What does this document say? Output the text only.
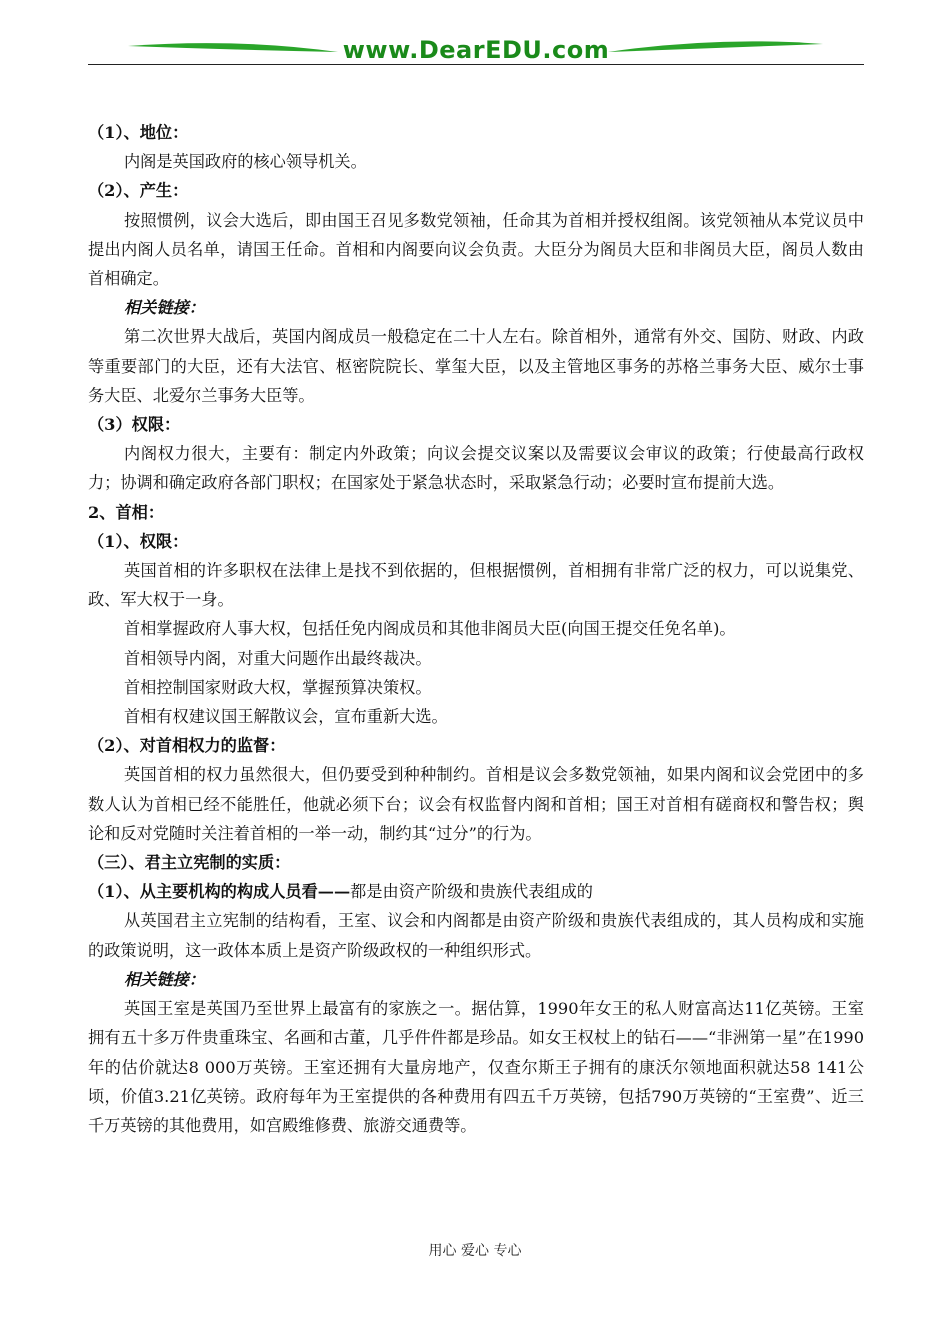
www.DearEDU.com

（1）、地位：

内阁是英国政府的核心领导机关。

（2）、产生：

按照惯例，议会大选后，即由国王召见多数党领袖，任命其为首相并授权组阁。该党领袖从本党议员中提出内阁人员名单，请国王任命。首相和内阁要向议会负责。大臣分为阁员大臣和非阁员大臣，阁员人数由首相确定。

相关链接：

第二次世界大战后，英国内阁成员一般稳定在二十人左右。除首相外，通常有外交、国防、财政、内政等重要部门的大臣，还有大法官、枢密院院长、掌玺大臣，以及主管地区事务的苏格兰事务大臣、威尔士事务大臣、北爱尔兰事务大臣等。

（3）权限：

内阁权力很大，主要有：制定内外政策；向议会提交议案以及需要议会审议的政策；行使最高行政权力；协调和确定政府各部门职权；在国家处于紧急状态时，采取紧急行动；必要时宣布提前大选。

2、首相：

（1）、权限：

英国首相的许多职权在法律上是找不到依据的，但根据惯例，首相拥有非常广泛的权力，可以说集党、政、军大权于一身。

首相掌握政府人事大权，包括任免内阁成员和其他非阁员大臣(向国王提交任免名单)。

首相领导内阁，对重大问题作出最终裁决。

首相控制国家财政大权，掌握预算决策权。

首相有权建议国王解散议会，宣布重新大选。

（2）、对首相权力的监督：

英国首相的权力虽然很大，但仍要受到种种制约。首相是议会多数党领袖，如果内阁和议会党团中的多数人认为首相已经不能胜任，他就必须下台；议会有权监督内阁和首相；国王对首相有磋商权和警告权；舆论和反对党随时关注着首相的一举一动，制约其“过分”的行为。

（三）、君主立宪制的实质：

（1）、从主要机构的构成人员看——都是由资产阶级和贵族代表组成的

从英国君主立宪制的结构看，王室、议会和内阁都是由资产阶级和贵族代表组成的，其人员构成和实施的政策说明，这一政体本质上是资产阶级政权的一种组织形式。

相关链接：

英国王室是英国乃至世界上最富有的家族之一。据估算，1990年女王的私人财富高达11亿英镑。王室拥有五十多万件贵重珠宝、名画和古董，几乎件件都是珍品。如女王权杖上的钻石——“非洲第一星”在1990年的估价就达8 000万英镑。王室还拥有大量房地产，仅查尔斯王子拥有的康沃尔领地面积就达58 141公顷，价值3.21亿英镑。政府每年为王室提供的各种费用有四五千万英镑，包括790万英镑的“王室费”、近三千万英镑的其他费用，如宫殿维修费、旅游交通费等。

用心 爱心 专心
